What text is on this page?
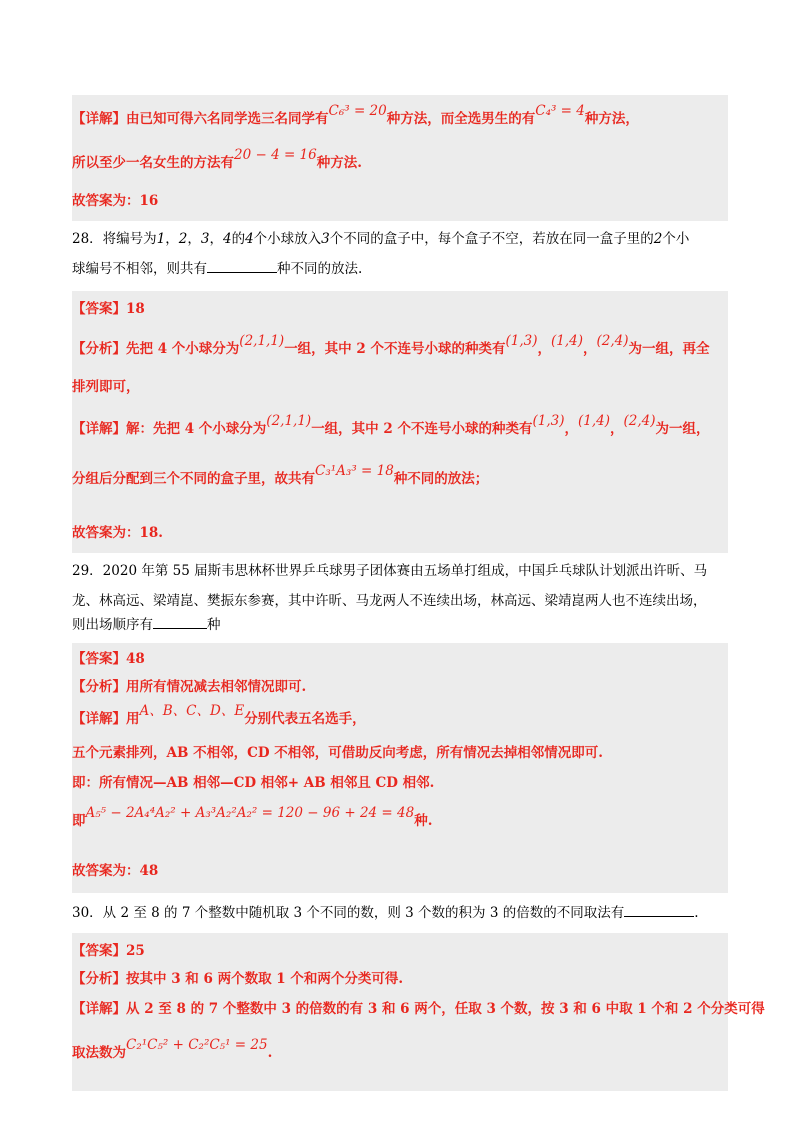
【详解】由已知可得六名同学选三名同学有C₆³ = 20种方法，而全选男生的有C₄³ = 4种方法，
所以至少一名女生的方法有20 − 4 = 16种方法.
故答案为：16
28．将编号为1，2，3，4的4个小球放入3个不同的盒子中，每个盒子不空，若放在同一盒子里的2个小
球编号不相邻，则共有	种不同的放法.
【答案】18
【分析】先把 4 个小球分为(2,1,1)一组，其中 2 个不连号小球的种类有(1,3)，(1,4)，(2,4)为一组，再全
排列即可，
【详解】解：先把 4 个小球分为(2,1,1)一组，其中 2 个不连号小球的种类有(1,3)，(1,4)，(2,4)为一组，
分组后分配到三个不同的盒子里，故共有C₃¹A₃³ = 18种不同的放法；
故答案为：18.
29．2020 年第 55 届斯韦思林杯世界乒乓球男子团体赛由五场单打组成，中国乒乓球队计划派出许昕、马
龙、林高远、梁靖崑、樊振东参赛，其中许昕、马龙两人不连续出场，林高远、梁靖崑两人也不连续出场，
则出场顺序有	种
【答案】48
【分析】用所有情况减去相邻情况即可.
【详解】用A、B、C、D、E分别代表五名选手，
五个元素排列，AB 不相邻，CD 不相邻，可借助反向考虑，所有情况去掉相邻情况即可.
即：所有情况—AB 相邻—CD 相邻+ AB 相邻且 CD 相邻.
即A₅⁵ − 2A₄⁴A₂² + A₃³A₂²A₂² = 120 − 96 + 24 = 48种.
故答案为：48
30．从 2 至 8 的 7 个整数中随机取 3 个不同的数，则 3 个数的积为 3 的倍数的不同取法有	.
【答案】25
【分析】按其中 3 和 6 两个数取 1 个和两个分类可得.
【详解】从 2 至 8 的 7 个整数中 3 的倍数的有 3 和 6 两个，任取 3 个数，按 3 和 6 中取 1 个和 2 个分类可得
取法数为C₂¹C₅² + C₂²C₅¹ = 25.
